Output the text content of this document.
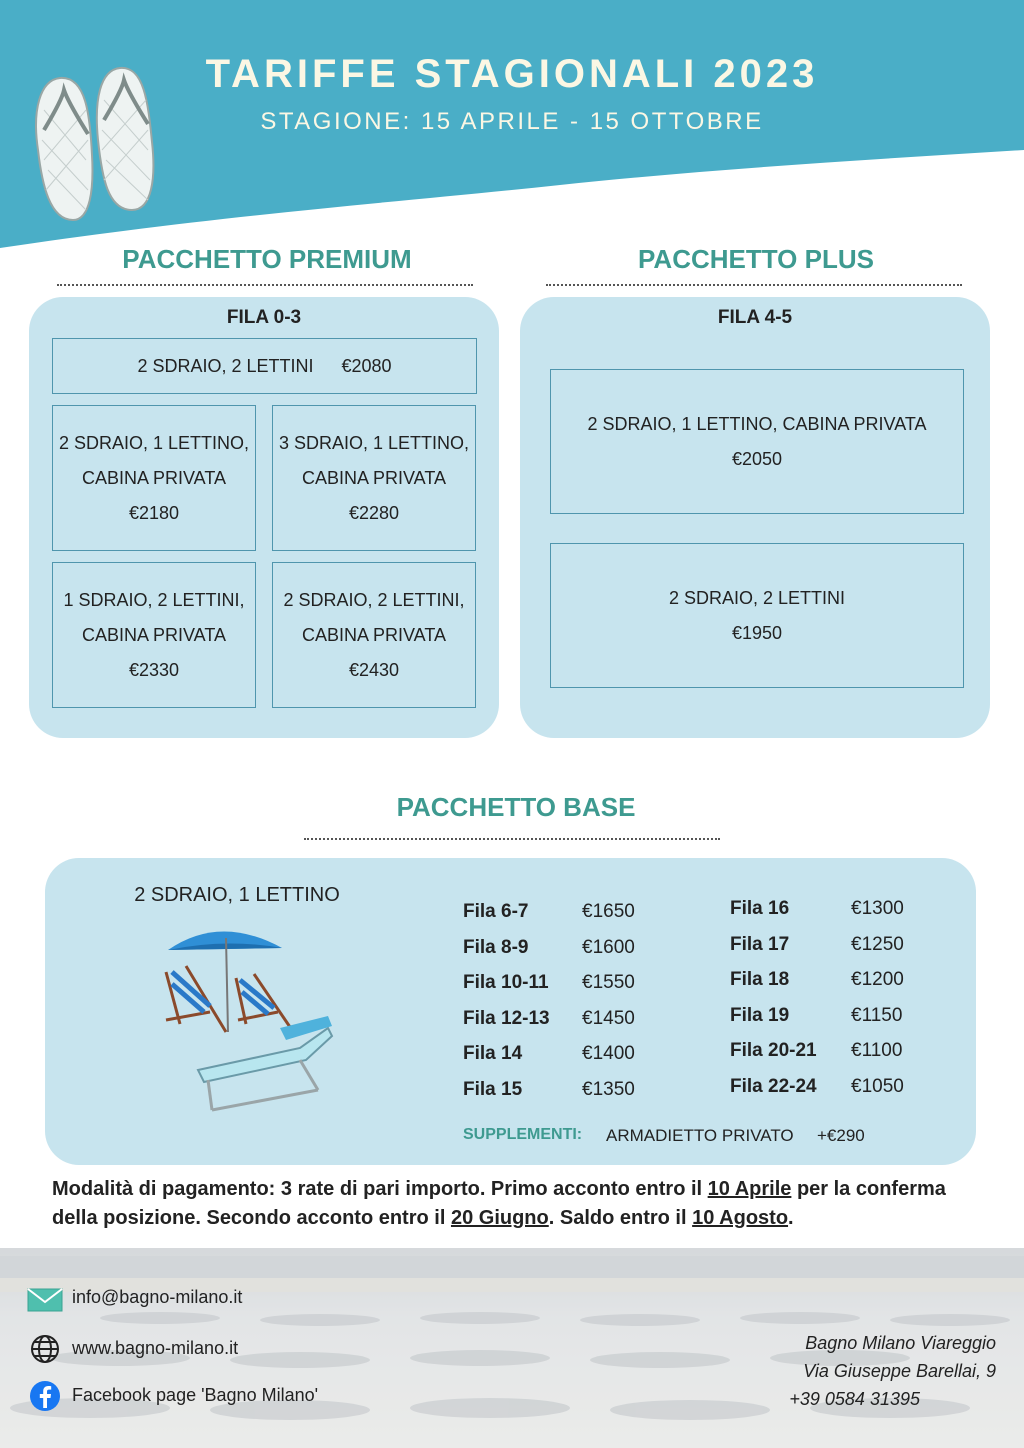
TARIFFE STAGIONALI 2023
STAGIONE: 15 APRILE - 15 OTTOBRE
PACCHETTO PREMIUM
FILA 0-3
2 SDRAIO, 2 LETTINI €2080
2 SDRAIO, 1 LETTINO,
CABINA PRIVATA
€2180
3 SDRAIO, 1 LETTINO,
CABINA PRIVATA
€2280
1 SDRAIO, 2 LETTINI,
CABINA PRIVATA
€2330
2 SDRAIO, 2 LETTINI,
CABINA PRIVATA
€2430
PACCHETTO PLUS
FILA 4-5
2 SDRAIO, 1 LETTINO, CABINA PRIVATA
€2050
2 SDRAIO, 2 LETTINI
€1950
PACCHETTO BASE
2 SDRAIO, 1 LETTINO
Fila 6-7	€1650
Fila 8-9	€1600
Fila 10-11 €1550
Fila 12-13 €1450
Fila 14	€1400
Fila 15	€1350
Fila 16	€1300
Fila 17	€1250
Fila 18	€1200
Fila 19	€1150
Fila 20-21 €1100
Fila 22-24 €1050
SUPPLEMENTI: ARMADIETTO PRIVATO +€290
Modalità di pagamento: 3 rate di pari importo. Primo acconto entro il 10 Aprile per la conferma della posizione. Secondo acconto entro il 20 Giugno. Saldo entro il 10 Agosto.
info@bagno-milano.it
www.bagno-milano.it
Facebook page 'Bagno Milano'
Bagno Milano Viareggio
Via Giuseppe Barellai, 9
+39 0584 31395
